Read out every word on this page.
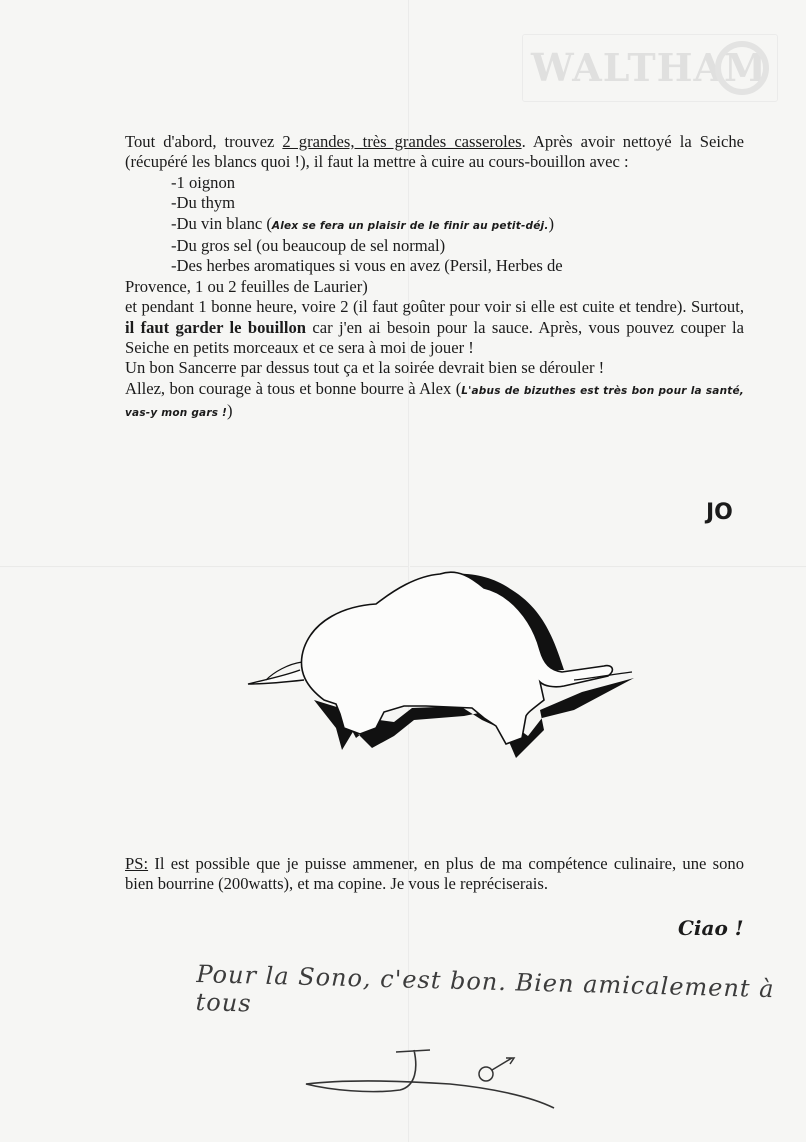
WALTHAM
Tout d'abord, trouvez 2 grandes, très grandes casseroles. Après avoir nettoyé la Seiche (récupéré les blancs quoi !), il faut la mettre à cuire au cours-bouillon avec :
-1 oignon
-Du thym
-Du vin blanc (Alex se fera un plaisir de le finir au petit-déj.)
-Du gros sel (ou beaucoup de sel normal)
-Des herbes aromatiques si vous en avez (Persil, Herbes de
Provence, 1 ou 2 feuilles de Laurier)
et pendant 1 bonne heure, voire 2 (il faut goûter pour voir si elle est cuite et tendre). Surtout, il faut garder le bouillon car j'en ai besoin pour la sauce. Après, vous pouvez couper la Seiche en petits morceaux et ce sera à moi de jouer !
Un bon Sancerre par dessus tout ça et la soirée devrait bien se dérouler !
Allez, bon courage à tous et bonne bourre à Alex (L'abus de bizuthes est très bon pour la santé, vas-y mon gars !)
JO
PS: Il est possible que je puisse ammener, en plus de ma compétence culinaire, une sono bien bourrine (200watts), et ma copine. Je vous le repréciserais.
Ciao !
Pour la Sono, c'est bon. Bien amicalement à tous
